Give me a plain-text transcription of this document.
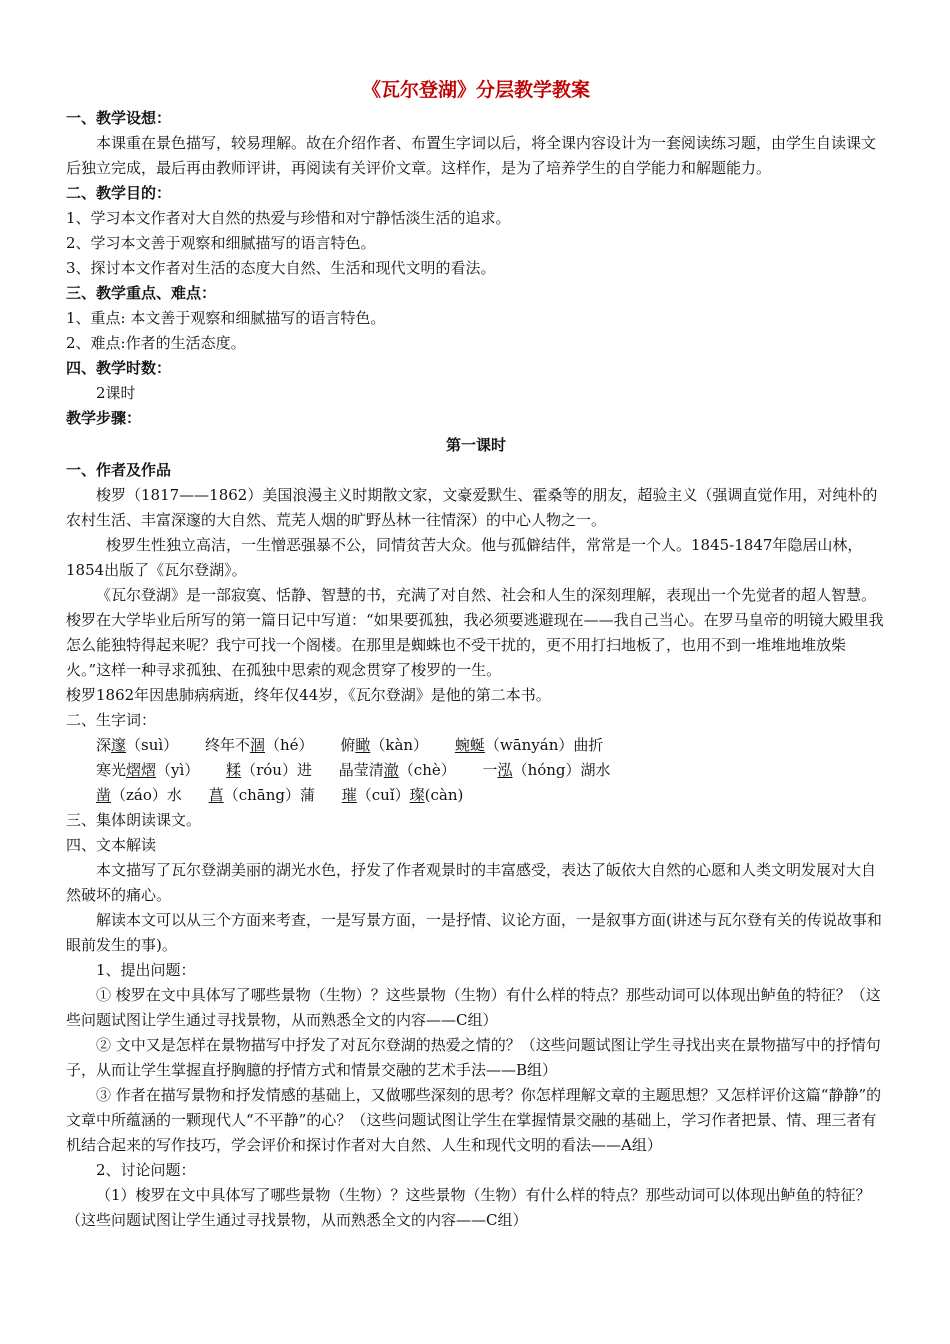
《瓦尔登湖》分层教学教案
一、教学设想：

本课重在景色描写，较易理解。故在介绍作者、布置生字词以后，将全课内容设计为一套阅读练习题，由学生自读课文后独立完成，最后再由教师评讲，再阅读有关评价文章。这样作，是为了培养学生的自学能力和解题能力。

二、教学目的：

1、学习本文作者对大自然的热爱与珍惜和对宁静恬淡生活的追求。

2、学习本文善于观察和细腻描写的语言特色。

3、探讨本文作者对生活的态度大自然、生活和现代文明的看法。

三、教学重点、难点：

1、重点: 本文善于观察和细腻描写的语言特色。

2、难点:作者的生活态度。

四、教学时数：

2课时

教学步骤：
第一课时
一、作者及作品

梭罗（1817——1862）美国浪漫主义时期散文家，文豪爱默生、霍桑等的朋友，超验主义（强调直觉作用，对纯朴的农村生活、丰富深邃的大自然、荒芜人烟的旷野丛林一往情深）的中心人物之一。

梭罗生性独立高洁，一生憎恶强暴不公，同情贫苦大众。他与孤僻结伴，常常是一个人。1845-1847年隐居山林，1854出版了《瓦尔登湖》。

《瓦尔登湖》是一部寂寞、恬静、智慧的书，充满了对自然、社会和人生的深刻理解，表现出一个先觉者的超人智慧。梭罗在大学毕业后所写的第一篇日记中写道：“如果要孤独，我必须要逃避现在——我自己当心。在罗马皇帝的明镜大殿里我怎么能独特得起来呢？我宁可找一个阁楼。在那里是蜘蛛也不受干扰的，更不用打扫地板了，也用不到一堆堆地堆放柴火。”这样一种寻求孤独、在孤独中思索的观念贯穿了梭罗的一生。

梭罗1862年因患肺病病逝，终年仅44岁，《瓦尔登湖》是他的第二本书。

二、生字词：
深邃（suì） 终年不涸（hé） 俯瞰（kàn） 蜿蜒（wānyán）曲折
寒光熠熠（yì） 糅（róu）进 晶莹清澈（chè） 一泓（hóng）湖水
凿（záo）水 菖（chāng）蒲 璀（cuǐ）璨(càn)
三、集体朗读课文。
四、文本解读

本文描写了瓦尔登湖美丽的湖光水色，抒发了作者观景时的丰富感受，表达了皈依大自然的心愿和人类文明发展对大自然破坏的痛心。

解读本文可以从三个方面来考查，一是写景方面，一是抒情、议论方面，一是叙事方面(讲述与瓦尔登有关的传说故事和眼前发生的事)。

1、提出问题：

① 梭罗在文中具体写了哪些景物（生物）？这些景物（生物）有什么样的特点？那些动词可以体现出鲈鱼的特征？（这些问题试图让学生通过寻找景物，从而熟悉全文的内容——C组）

② 文中又是怎样在景物描写中抒发了对瓦尔登湖的热爱之情的？（这些问题试图让学生寻找出夹在景物描写中的抒情句子，从而让学生掌握直抒胸臆的抒情方式和情景交融的艺术手法——B组）

③ 作者在描写景物和抒发情感的基础上，又做哪些深刻的思考？你怎样理解文章的主题思想？又怎样评价这篇“静静”的文章中所蕴涵的一颗现代人“不平静”的心？（这些问题试图让学生在掌握情景交融的基础上，学习作者把景、情、理三者有机结合起来的写作技巧，学会评价和探讨作者对大自然、人生和现代文明的看法——A组）

2、讨论问题：

（1）梭罗在文中具体写了哪些景物（生物）？这些景物（生物）有什么样的特点？那些动词可以体现出鲈鱼的特征？（这些问题试图让学生通过寻找景物，从而熟悉全文的内容——C组）
